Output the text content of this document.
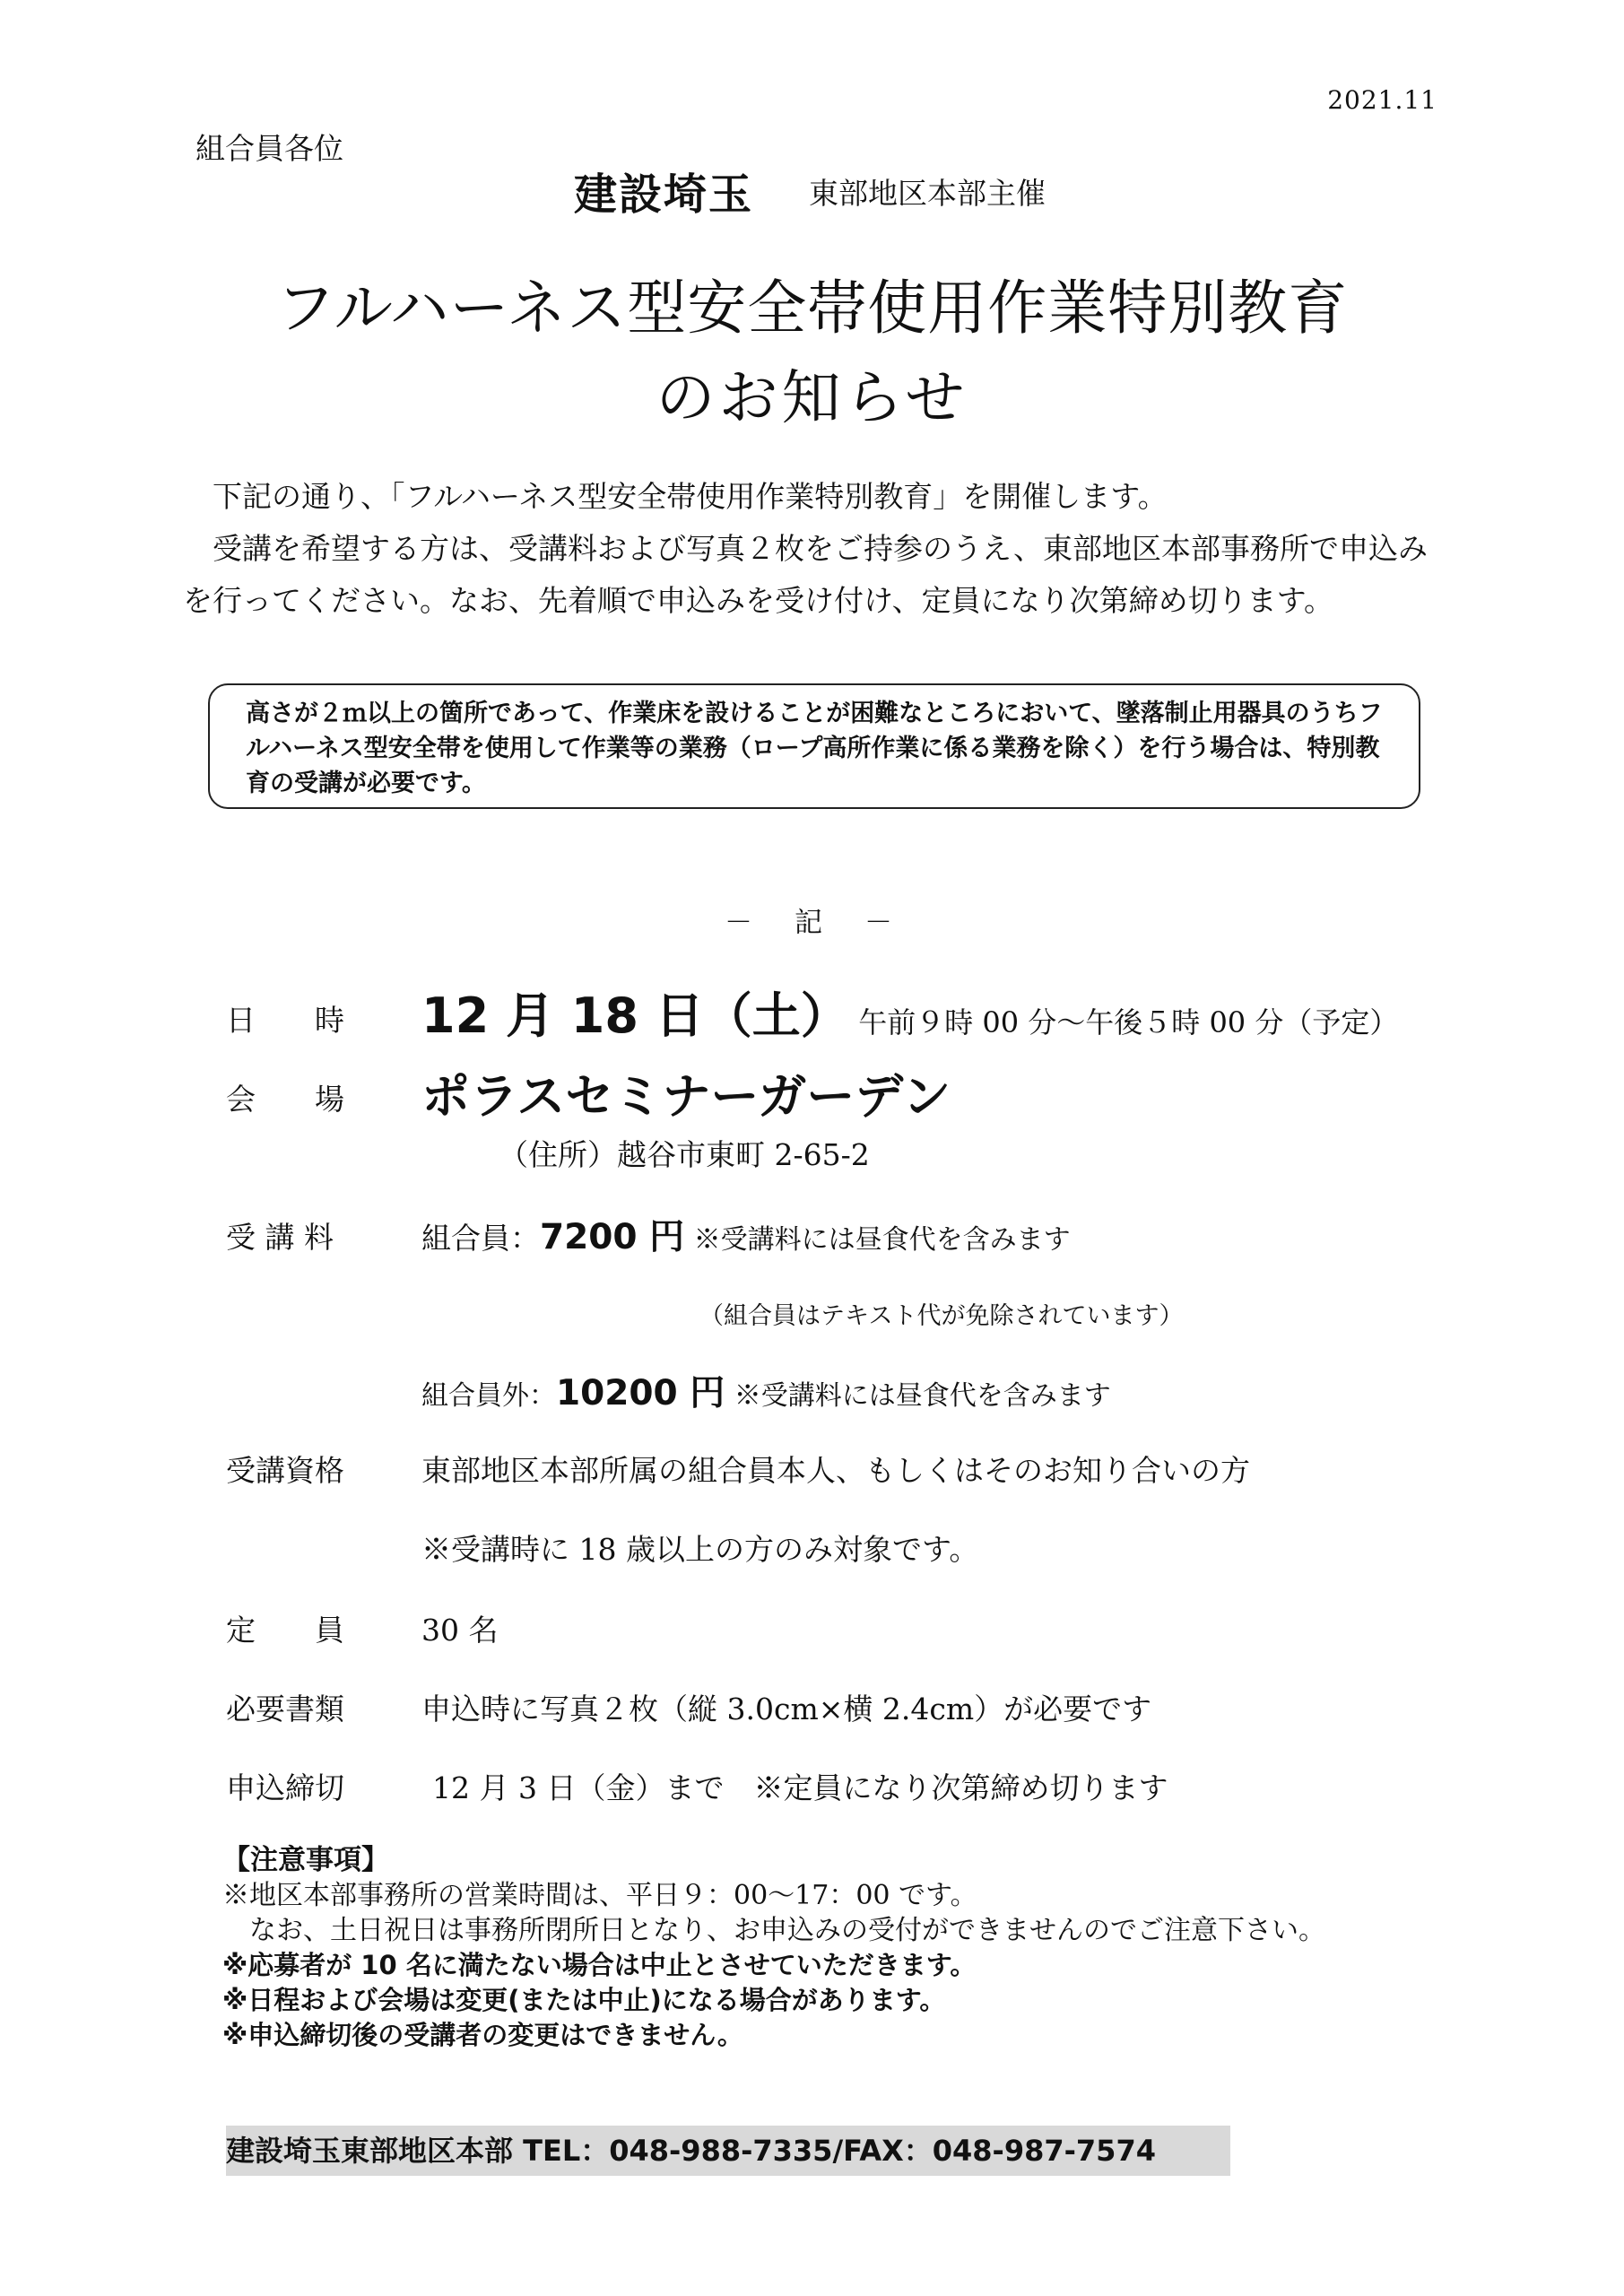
2021.11
組合員各位
建設埼玉 東部地区本部主催
フルハーネス型安全帯使用作業特別教育
のお知らせ

　下記の通り、「フルハーネス型安全帯使用作業特別教育」を開催します。

　受講を希望する方は、受講料および写真２枚をご持参のうえ、東部地区本部事務所で申込みを行ってください。なお、先着順で申込みを受け付け、定員になり次第締め切ります。

高さが２ｍ以上の箇所であって、作業床を設けることが困難なところにおいて、墜落制止用器具のうちフルハーネス型安全帯を使用して作業等の業務（ロープ高所作業に係る業務を除く）を行う場合は、特別教育の受講が必要です。
－　記　－
日　　時 12 月 18 日（土） 午前９時 00 分～午後５時 00 分（予定）
会　　場 ポラスセミナーガーデン
（住所）越谷市東町 2-65-2
受 講 料	組合員：7200 円 ※受講料には昼食代を含みます
（組合員はテキスト代が免除されています）
組合員外：10200 円 ※受講料には昼食代を含みます
受講資格	東部地区本部所属の組合員本人、もしくはそのお知り合いの方
※受講時に 18 歳以上の方のみ対象です。
定　　員	30 名
必要書類	申込時に写真２枚（縦 3.0cm×横 2.4cm）が必要です
申込締切	12 月 3 日（金）まで　※定員になり次第締め切ります
【注意事項】
※地区本部事務所の営業時間は、平日９：00～17：00 です。
　なお、土日祝日は事務所閉所日となり、お申込みの受付ができませんのでご注意下さい。
※応募者が 10 名に満たない場合は中止とさせていただきます。
※日程および会場は変更(または中止)になる場合があります。
※申込締切後の受講者の変更はできません。
建設埼玉東部地区本部 TEL：048-988-7335/FAX：048-987-7574
